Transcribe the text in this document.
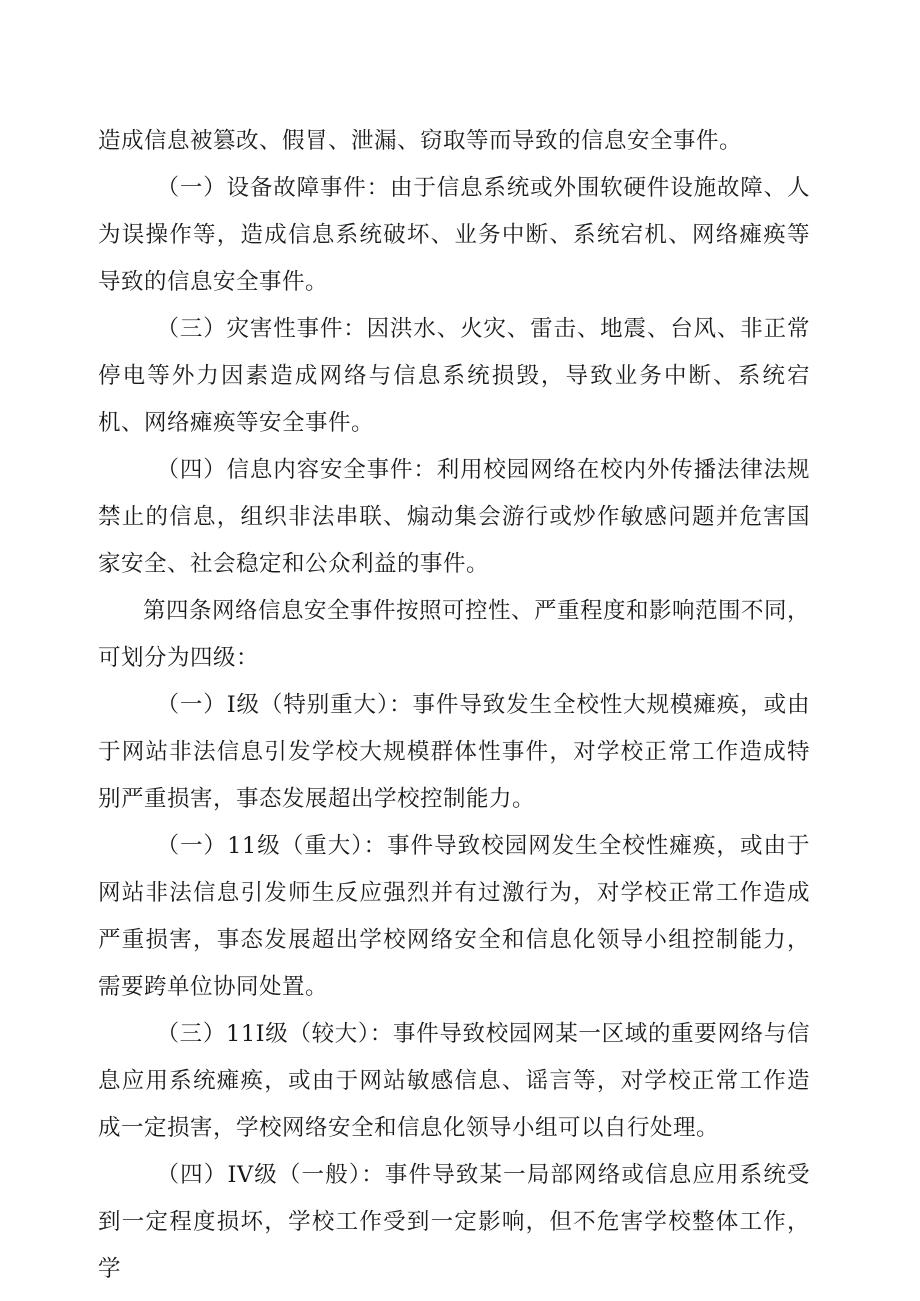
造成信息被篡改、假冒、泄漏、窃取等而导致的信息安全事件。

（一）设备故障事件：由于信息系统或外围软硬件设施故障、人为误操作等，造成信息系统破坏、业务中断、系统宕机、网络瘫痪等导致的信息安全事件。

（三）灾害性事件：因洪水、火灾、雷击、地震、台风、非正常停电等外力因素造成网络与信息系统损毁，导致业务中断、系统宕机、网络瘫痪等安全事件。

（四）信息内容安全事件：利用校园网络在校内外传播法律法规禁止的信息，组织非法串联、煽动集会游行或炒作敏感问题并危害国家安全、社会稳定和公众利益的事件。

第四条网络信息安全事件按照可控性、严重程度和影响范围不同，可划分为四级：

（一）I级（特别重大）：事件导致发生全校性大规模瘫痪，或由于网站非法信息引发学校大规模群体性事件，对学校正常工作造成特别严重损害，事态发展超出学校控制能力。

（一）11级（重大）：事件导致校园网发生全校性瘫痪，或由于网站非法信息引发师生反应强烈并有过激行为，对学校正常工作造成严重损害，事态发展超出学校网络安全和信息化领导小组控制能力，需要跨单位协同处置。

（三）11I级（较大）：事件导致校园网某一区域的重要网络与信息应用系统瘫痪，或由于网站敏感信息、谣言等，对学校正常工作造成一定损害，学校网络安全和信息化领导小组可以自行处理。

（四）IV级（一般）：事件导致某一局部网络或信息应用系统受到一定程度损坏，学校工作受到一定影响，但不危害学校整体工作，学
